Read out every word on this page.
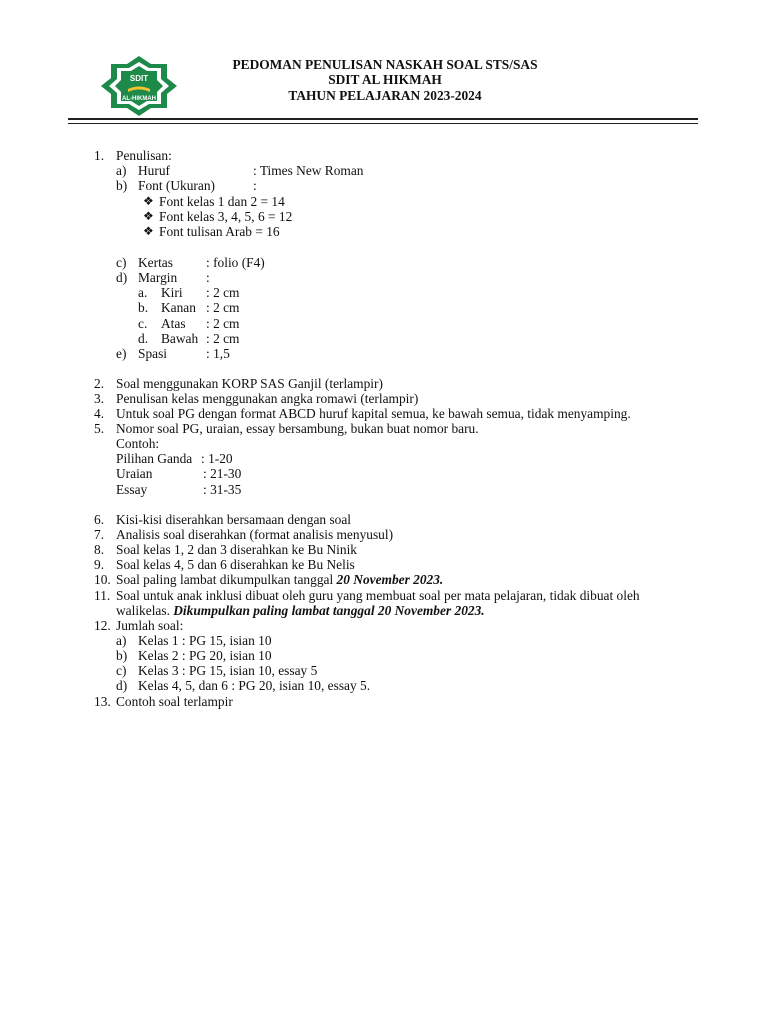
SDIT
AL-HIKMAH
PEDOMAN PENULISAN NASKAH SOAL STS/SAS
SDIT AL HIKMAH
TAHUN PELAJARAN 2023-2024
1. Penulisan:
a) Huruf	: Times New Roman
b) Font (Ukuran)	:
❖ Font kelas 1 dan 2 = 14
❖ Font kelas 3, 4, 5, 6 = 12
❖ Font tulisan Arab = 16
c) Kertas : folio (F4)
d) Margin :
a. Kiri : 2 cm
b. Kanan : 2 cm
c. Atas : 2 cm
d. Bawah : 2 cm
e) Spasi	: 1,5
2. Soal menggunakan KORP SAS Ganjil (terlampir)
3. Penulisan kelas menggunakan angka romawi (terlampir)
4. Untuk soal PG dengan format ABCD huruf kapital semua, ke bawah semua, tidak menyamping.
5. Nomor soal PG, uraian, essay bersambung, bukan buat nomor baru.
Contoh:
Pilihan Ganda : 1-20
Uraian	: 21-30
Essay	: 31-35
6. Kisi-kisi diserahkan bersamaan dengan soal
7. Analisis soal diserahkan (format analisis menyusul)
8. Soal kelas 1, 2 dan 3 diserahkan ke Bu Ninik
9. Soal kelas 4, 5 dan 6 diserahkan ke Bu Nelis
10. Soal paling lambat dikumpulkan tanggal 20 November 2023.
11. Soal untuk anak inklusi dibuat oleh guru yang membuat soal per mata pelajaran, tidak dibuat oleh
walikelas. Dikumpulkan paling lambat tanggal 20 November 2023.
12. Jumlah soal:
a) Kelas 1 : PG 15, isian 10
b) Kelas 2 : PG 20, isian 10
c) Kelas 3 : PG 15, isian 10, essay 5
d) Kelas 4, 5, dan 6 : PG 20, isian 10, essay 5.
13. Contoh soal terlampir
